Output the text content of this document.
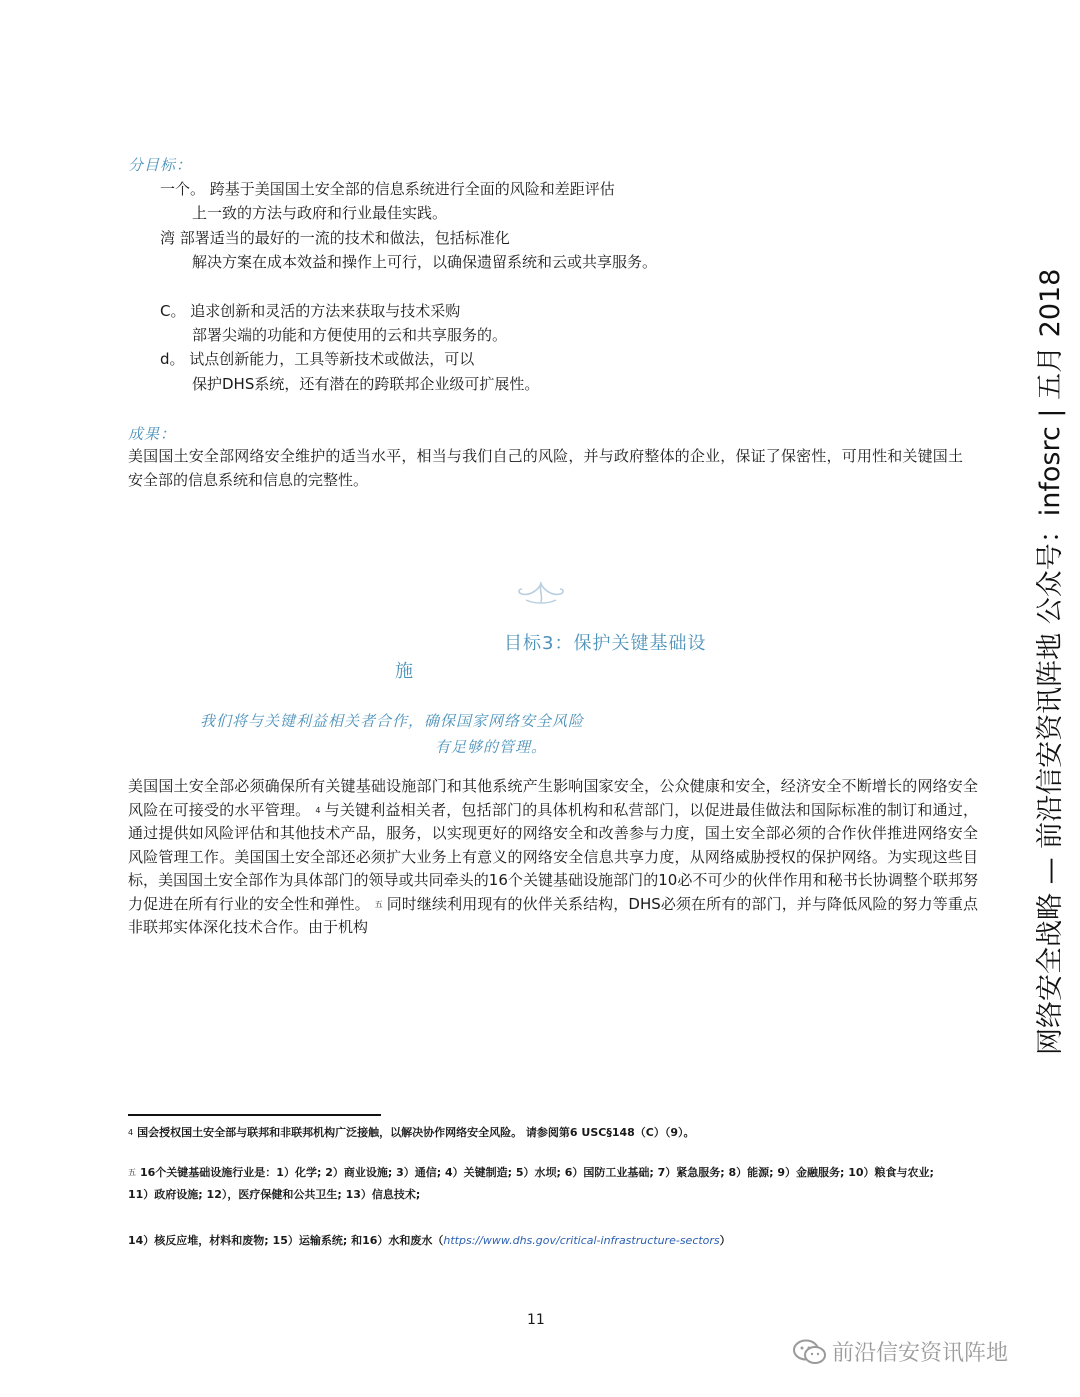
分目标：
一个。 跨基于美国国土安全部的信息系统进行全面的风险和差距评估
上一致的方法与政府和行业最佳实践。
湾 部署适当的最好的一流的技术和做法，包括标准化
解决方案在成本效益和操作上可行，以确保遗留系统和云或共享服务。
C。 追求创新和灵活的方法来获取与技术采购
部署尖端的功能和方便使用的云和共享服务的。
d。 试点创新能力，工具等新技术或做法，可以
保护DHS系统，还有潜在的跨联邦企业级可扩展性。
成果：
美国国土安全部网络安全维护的适当水平，相当与我们自己的风险，并与政府整体的企业，保证了保密性，可用性和关键国土安全部的信息系统和信息的完整性。
目标3：保护关键基础设
施
我们将与关键利益相关者合作，确保国家网络安全风险
有足够的管理。
美国国土安全部必须确保所有关键基础设施部门和其他系统产生影响国家安全，公众健康和安全，经济安全不断增长的网络安全风险在可接受的水平管理。 $^4$ 与关键利益相关者，包括部门的具体机构和私营部门，以促进最佳做法和国际标准的制订和通过，通过提供如风险评估和其他技术产品，服务，以实现更好的网络安全和改善参与力度，国土安全部必须的合作伙伴推进网络安全风险管理工作。美国国土安全部还必须扩大业务上有意义的网络安全信息共享力度，从网络威胁授权的保护网络。为实现这些目标，美国国土安全部作为具体部门的领导或共同牵头的16个关键基础设施部门的10必不可少的伙伴作用和秘书长协调整个联邦努力促进在所有行业的安全性和弹性。 $^五$ 同时继续利用现有的伙伴关系结构，DHS必须在所有的部门，并与降低风险的努力等重点非联邦实体深化技术合作。由于机构
$^4$ 国会授权国土安全部与联邦和非联邦机构广泛接触，以解决协作网络安全风险。 请参阅第6 USC§148（C）（9）。
$^五$ 16个关键基础设施行业是：1）化学; 2）商业设施; 3）通信; 4）关键制造; 5）水坝; 6）国防工业基础; 7）紧急服务; 8）能源; 9）金融服务; 10）粮食与农业; 11）政府设施; 12），医疗保健和公共卫生; 13）信息技术;
14）核反应堆，材料和废物; 15）运输系统; 和16）水和废水（https://www.dhs.gov/critical-infrastructure-sectors）
11
网络安全战略 — 前沿信安资讯阵地 公众号：infosrc | 五月 2018
前沿信安资讯阵地
